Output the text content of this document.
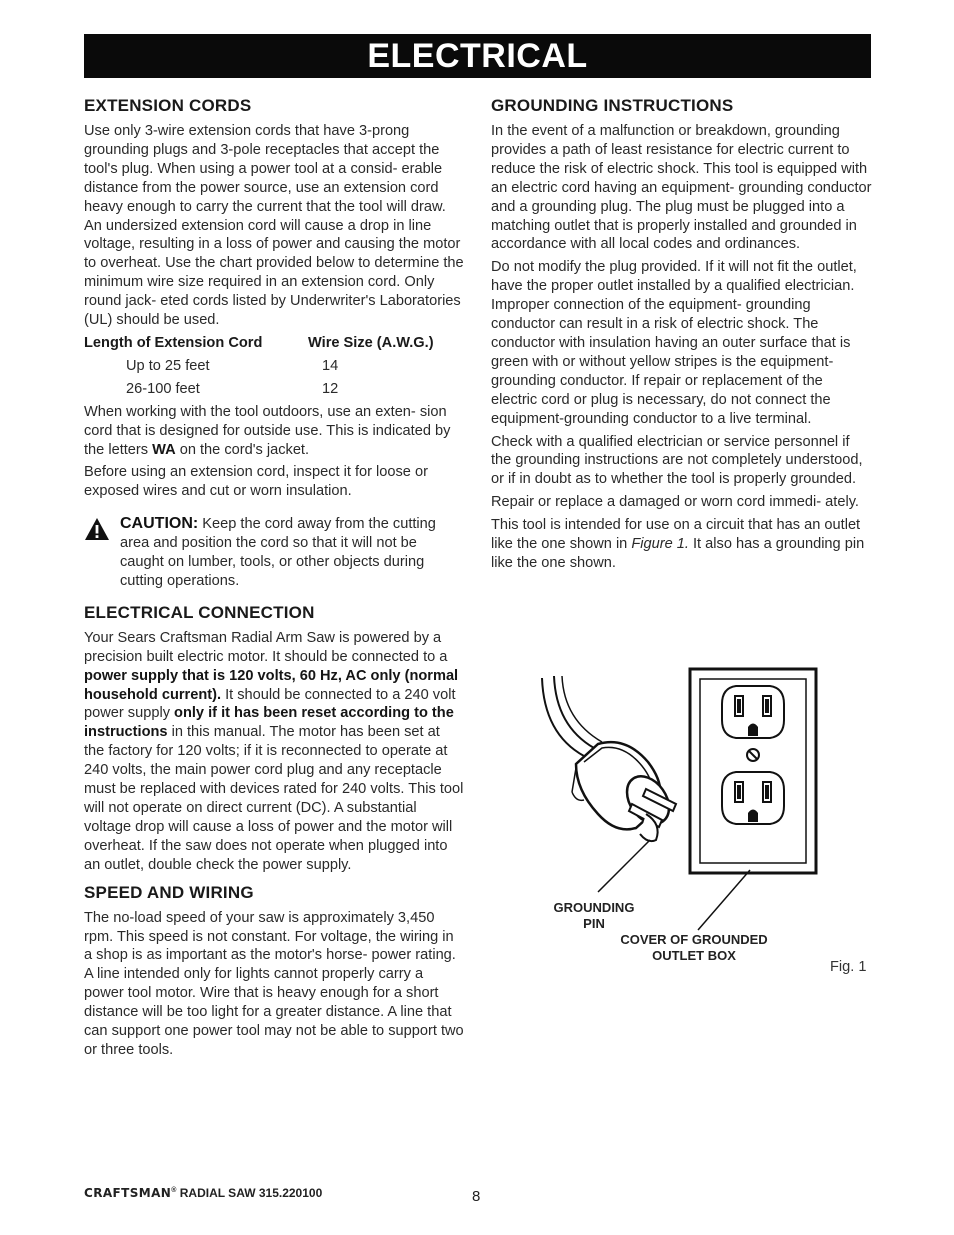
ELECTRICAL
EXTENSION CORDS

Use only 3-wire extension cords that have 3-prong grounding plugs and 3-pole receptacles that accept the tool's plug. When using a power tool at a consid- erable distance from the power source, use an extension cord heavy enough to carry the current that the tool will draw. An undersized extension cord will cause a drop in line voltage, resulting in a loss of power and causing the motor to overheat. Use the chart provided below to determine the minimum wire size required in an extension cord. Only round jack- eted cords listed by Underwriter's Laboratories (UL) should be used.

Length of Extension Cord	Wire Size (A.W.G.)
Up to 25 feet	14
26-100 feet	12

When working with the tool outdoors, use an exten- sion cord that is designed for outside use. This is indicated by the letters WA on the cord's jacket.

Before using an extension cord, inspect it for loose or exposed wires and cut or worn insulation.

CAUTION: Keep the cord away from the cutting area and position the cord so that it will not be caught on lumber, tools, or other objects during cutting operations.
ELECTRICAL CONNECTION

Your Sears Craftsman Radial Arm Saw is powered by a precision built electric motor. It should be connected to a power supply that is 120 volts, 60 Hz, AC only (normal household current). It should be connected to a 240 volt power supply only if it has been reset according to the instructions in this manual. The motor has been set at the factory for 120 volts; if it is reconnected to operate at 240 volts, the main power cord plug and any receptacle must be replaced with devices rated for 240 volts. This tool will not operate on direct current (DC). A substantial voltage drop will cause a loss of power and the motor will overheat. If the saw does not operate when plugged into an outlet, double check the power supply.

SPEED AND WIRING

The no-load speed of your saw is approximately 3,450 rpm. This speed is not constant. For voltage, the wiring in a shop is as important as the motor's horse- power rating. A line intended only for lights cannot properly carry a power tool motor. Wire that is heavy enough for a short distance will be too light for a greater distance. A line that can support one power tool may not be able to support two or three tools.

GROUNDING INSTRUCTIONS

In the event of a malfunction or breakdown, grounding provides a path of least resistance for electric current to reduce the risk of electric shock. This tool is equipped with an electric cord having an equipment- grounding conductor and a grounding plug. The plug must be plugged into a matching outlet that is properly installed and grounded in accordance with all local codes and ordinances.

Do not modify the plug provided. If it will not fit the outlet, have the proper outlet installed by a qualified electrician. Improper connection of the equipment- grounding conductor can result in a risk of electric shock. The conductor with insulation having an outer surface that is green with or without yellow stripes is the equipment-grounding conductor. If repair or replacement of the electric cord or plug is necessary, do not connect the equipment-grounding conductor to a live terminal.

Check with a qualified electrician or service personnel if the grounding instructions are not completely understood, or if in doubt as to whether the tool is properly grounded.

Repair or replace a damaged or worn cord immedi- ately.

This tool is intended for use on a circuit that has an outlet like the one shown in Figure 1. It also has a grounding pin like the one shown.

GROUNDING
PIN
COVER OF GROUNDED
OUTLET BOX
Fig. 1
CRAFTSMAN® RADIAL SAW 315.220100	8
